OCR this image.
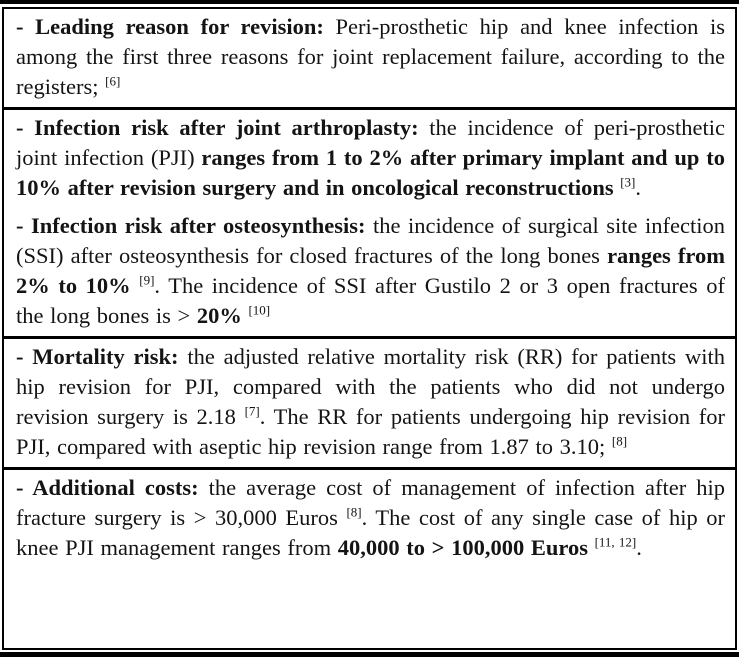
- Leading reason for revision: Peri-prosthetic hip and knee infection is among the first three reasons for joint replacement failure, according to the registers; [6]

- Infection risk after joint arthroplasty: the incidence of peri-prosthetic joint infection (PJI) ranges from 1 to 2% after primary implant and up to 10% after revision surgery and in oncological reconstructions [3].

- Infection risk after osteosynthesis: the incidence of surgical site infection (SSI) after osteosynthesis for closed fractures of the long bones ranges from 2% to 10% [9]. The incidence of SSI after Gustilo 2 or 3 open fractures of the long bones is > 20% [10]

- Mortality risk: the adjusted relative mortality risk (RR) for patients with hip revision for PJI, compared with the patients who did not undergo revision surgery is 2.18 [7]. The RR for patients undergoing hip revision for PJI, compared with aseptic hip revision range from 1.87 to 3.10; [8]

- Additional costs: the average cost of management of infection after hip fracture surgery is > 30,000 Euros [8]. The cost of any single case of hip or knee PJI management ranges from 40,000 to > 100,000 Euros [11, 12].
